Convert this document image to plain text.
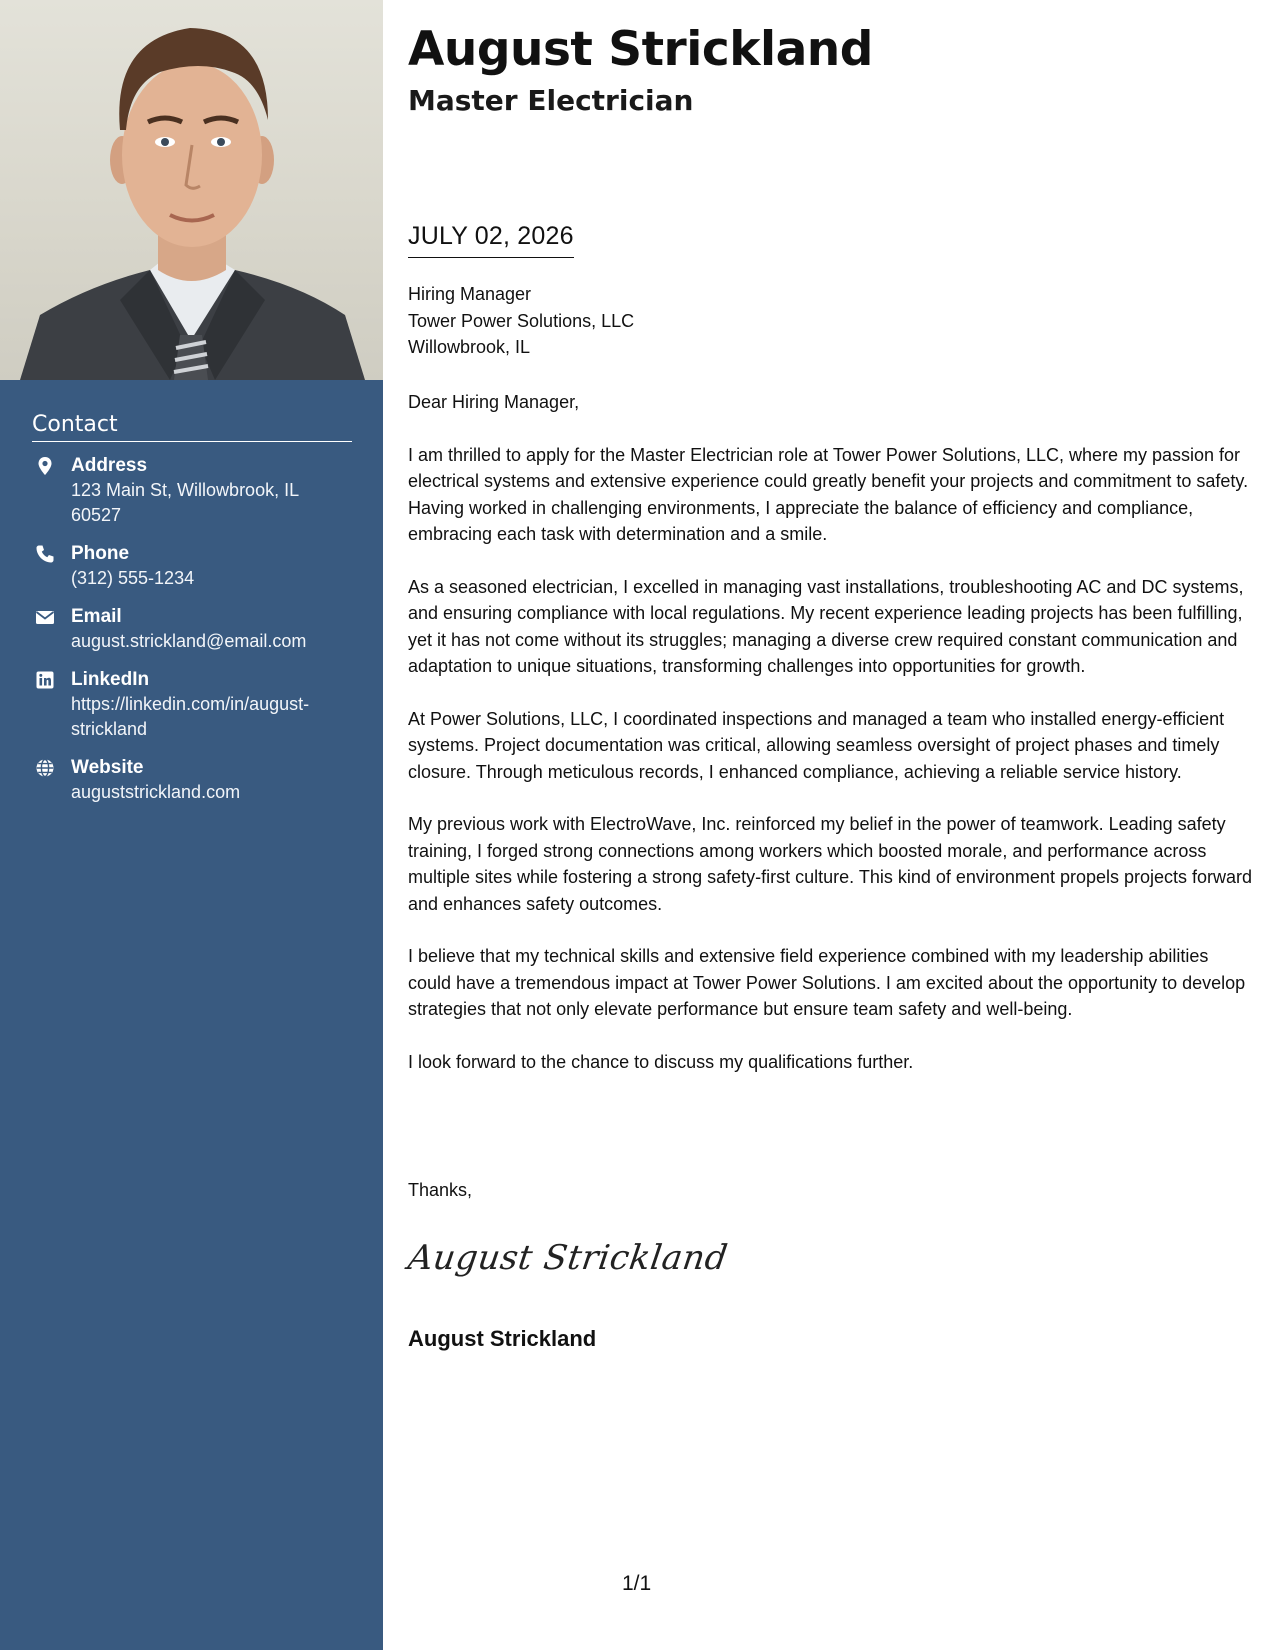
Contact
Address
123 Main St, Willowbrook, IL 60527
Phone
(312) 555-1234
Email
august.strickland@email.com
LinkedIn
https://linkedin.com/in/august-strickland
Website
auguststrickland.com
August Strickland
Master Electrician
JULY 02, 2026
Hiring Manager
Tower Power Solutions, LLC
Willowbrook, IL
Dear Hiring Manager,

I am thrilled to apply for the Master Electrician role at Tower Power Solutions, LLC, where my passion for electrical systems and extensive experience could greatly benefit your projects and commitment to safety. Having worked in challenging environments, I appreciate the balance of efficiency and compliance, embracing each task with determination and a smile.

As a seasoned electrician, I excelled in managing vast installations, troubleshooting AC and DC systems, and ensuring compliance with local regulations. My recent experience leading projects has been fulfilling, yet it has not come without its struggles; managing a diverse crew required constant communication and adaptation to unique situations, transforming challenges into opportunities for growth.

At Power Solutions, LLC, I coordinated inspections and managed a team who installed energy-efficient systems. Project documentation was critical, allowing seamless oversight of project phases and timely closure. Through meticulous records, I enhanced compliance, achieving a reliable service history.

My previous work with ElectroWave, Inc. reinforced my belief in the power of teamwork. Leading safety training, I forged strong connections among workers which boosted morale, and performance across multiple sites while fostering a strong safety-first culture. This kind of environment propels projects forward and enhances safety outcomes.

I believe that my technical skills and extensive field experience combined with my leadership abilities could have a tremendous impact at Tower Power Solutions. I am excited about the opportunity to develop strategies that not only elevate performance but ensure team safety and well-being.

I look forward to the chance to discuss my qualifications further.

Thanks,
August Strickland
August Strickland
1/1
